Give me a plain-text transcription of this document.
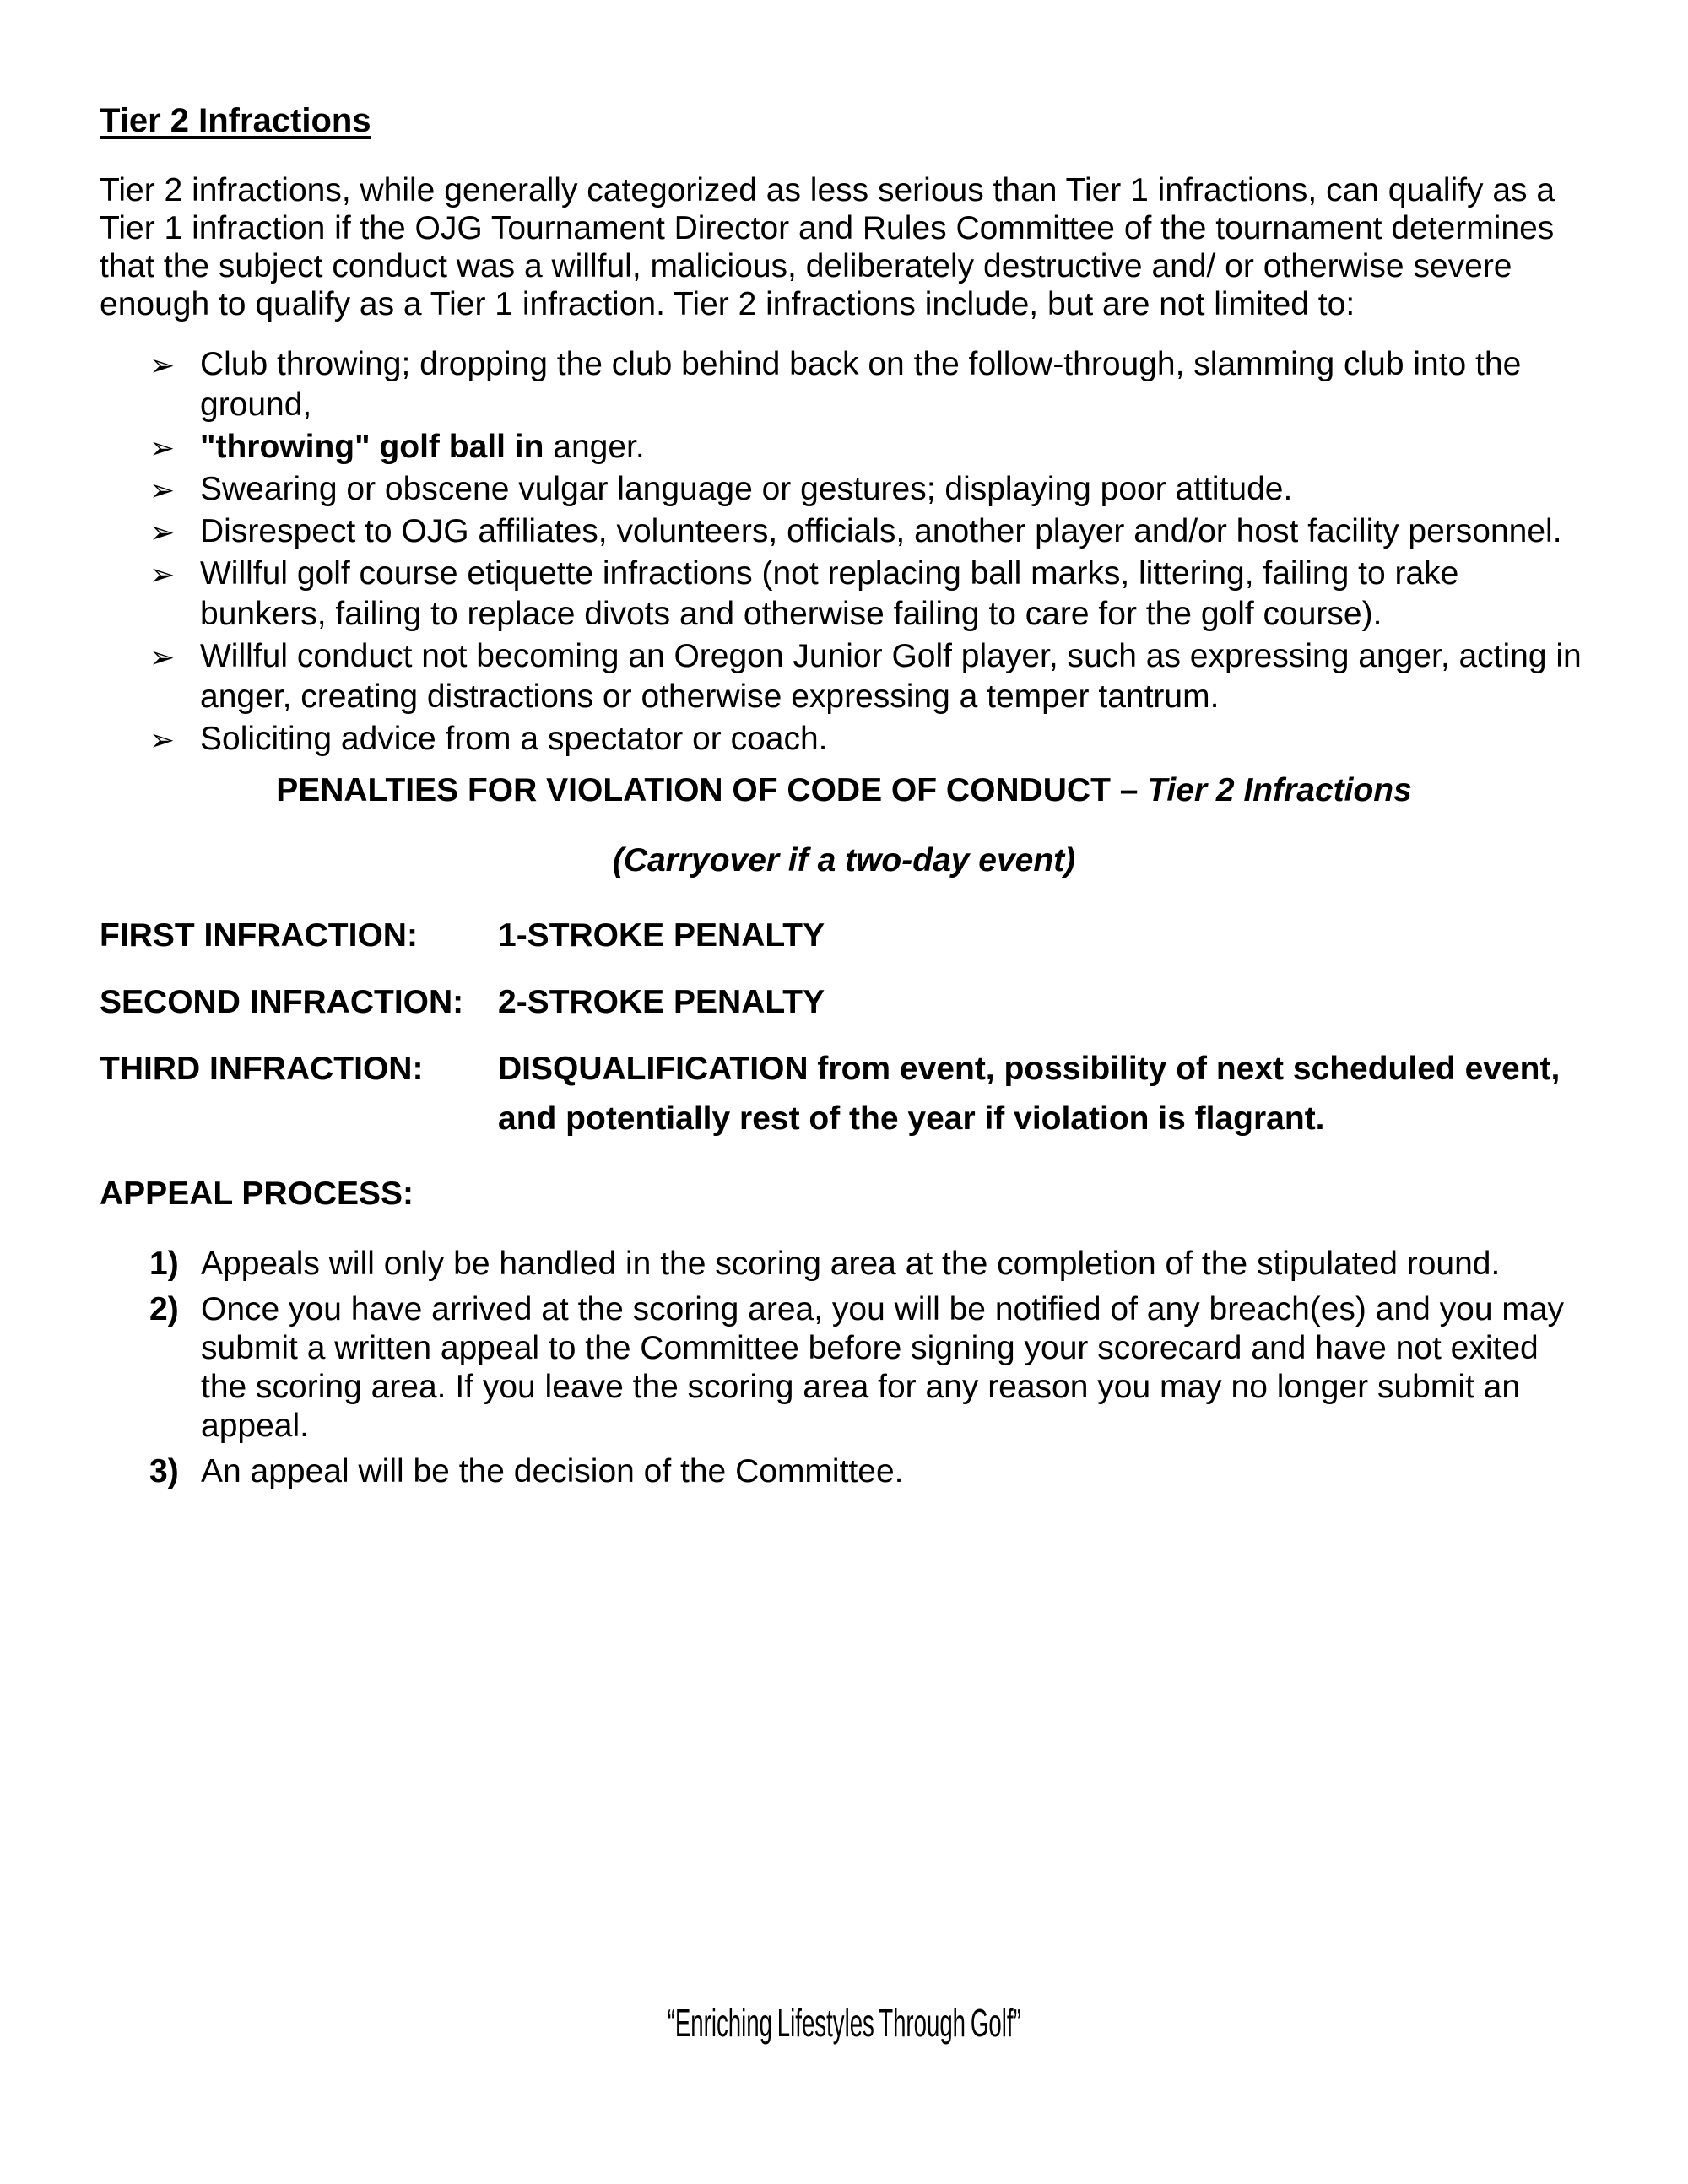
Tier 2 Infractions

Tier 2 infractions, while generally categorized as less serious than Tier 1 infractions, can qualify as a Tier 1 infraction if the OJG Tournament Director and Rules Committee of the tournament determines that the subject conduct was a willful, malicious, deliberately destructive and/ or otherwise severe enough to qualify as a Tier 1 infraction. Tier 2 infractions include, but are not limited to:

➢ Club throwing; dropping the club behind back on the follow-through, slamming club into the ground,
➢ "throwing" golf ball in anger.
➢ Swearing or obscene vulgar language or gestures; displaying poor attitude.
➢ Disrespect to OJG affiliates, volunteers, officials, another player and/or host facility personnel.
➢ Willful golf course etiquette infractions (not replacing ball marks, littering, failing to rake bunkers, failing to replace divots and otherwise failing to care for the golf course).
➢ Willful conduct not becoming an Oregon Junior Golf player, such as expressing anger, acting in anger, creating distractions or otherwise expressing a temper tantrum.
➢ Soliciting advice from a spectator or coach.
PENALTIES FOR VIOLATION OF CODE OF CONDUCT – Tier 2 Infractions
(Carryover if a two-day event)
FIRST INFRACTION:	1-STROKE PENALTY
SECOND INFRACTION:	2-STROKE PENALTY
THIRD INFRACTION:	DISQUALIFICATION from event, possibility of next scheduled event, and potentially rest of the year if violation is flagrant.
APPEAL PROCESS:
1) Appeals will only be handled in the scoring area at the completion of the stipulated round.
2) Once you have arrived at the scoring area, you will be notified of any breach(es) and you may submit a written appeal to the Committee before signing your scorecard and have not exited the scoring area. If you leave the scoring area for any reason you may no longer submit an appeal.
3) An appeal will be the decision of the Committee.
“Enriching Lifestyles Through Golf”
